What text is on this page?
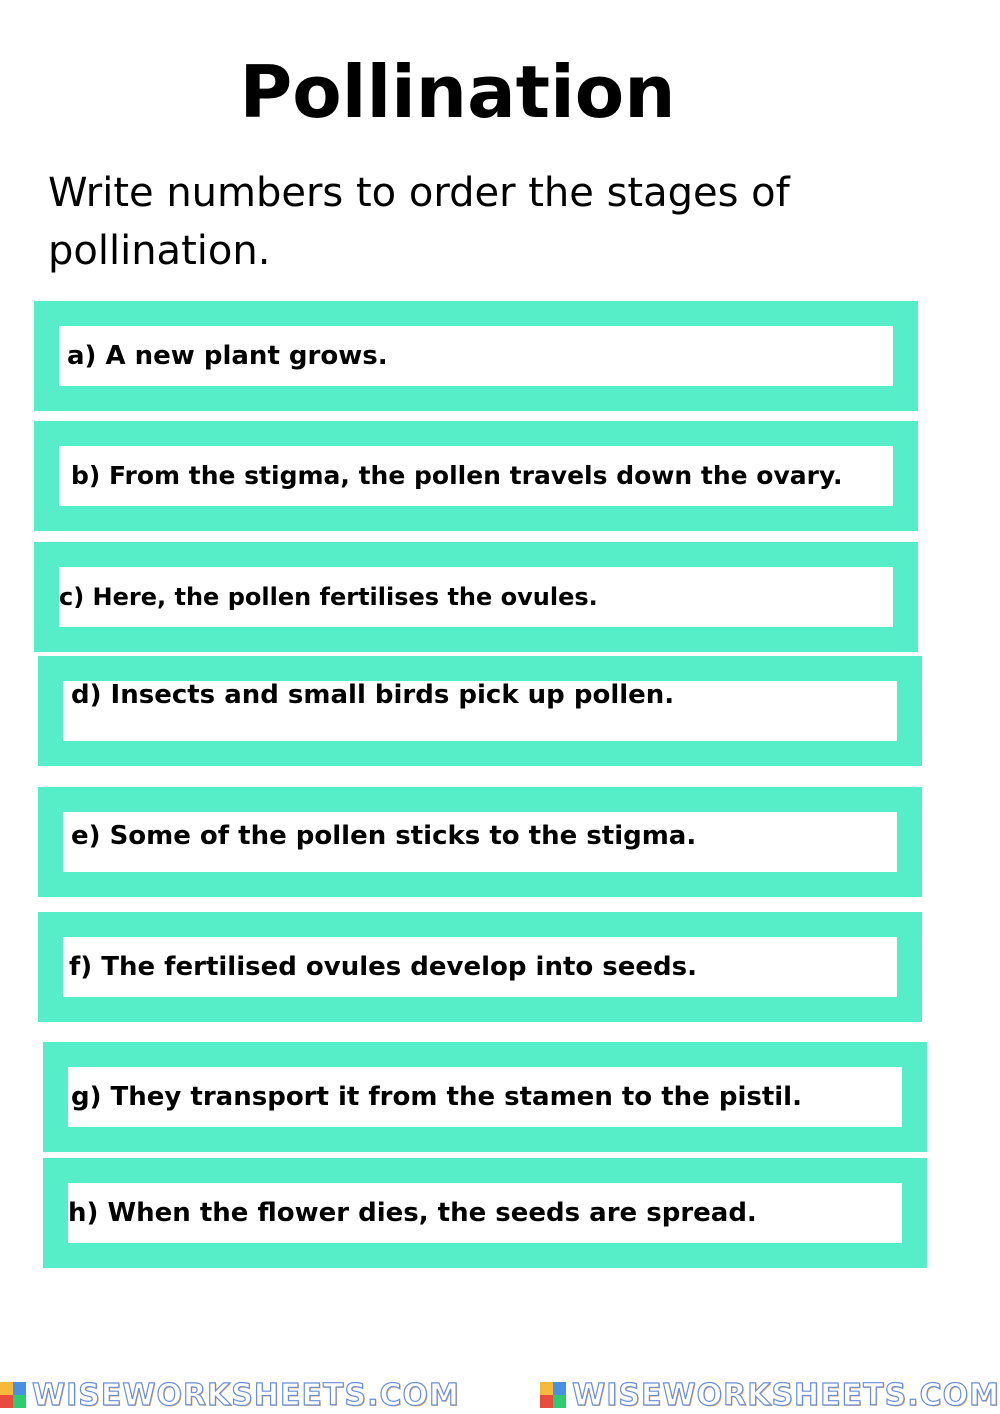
Pollination

Write numbers to order the stages of pollination.

a) A new plant grows.
b) From the stigma, the pollen travels down the ovary.
c) Here, the pollen fertilises the ovules.
d) Insects and small birds pick up pollen.
e) Some of the pollen sticks to the stigma.
f) The fertilised ovules develop into seeds.
g) They transport it from the stamen to the pistil.
h) When the flower dies, the seeds are spread.
WISEWORKSHEETS.COM	WISEWORKSHEETS.COM
